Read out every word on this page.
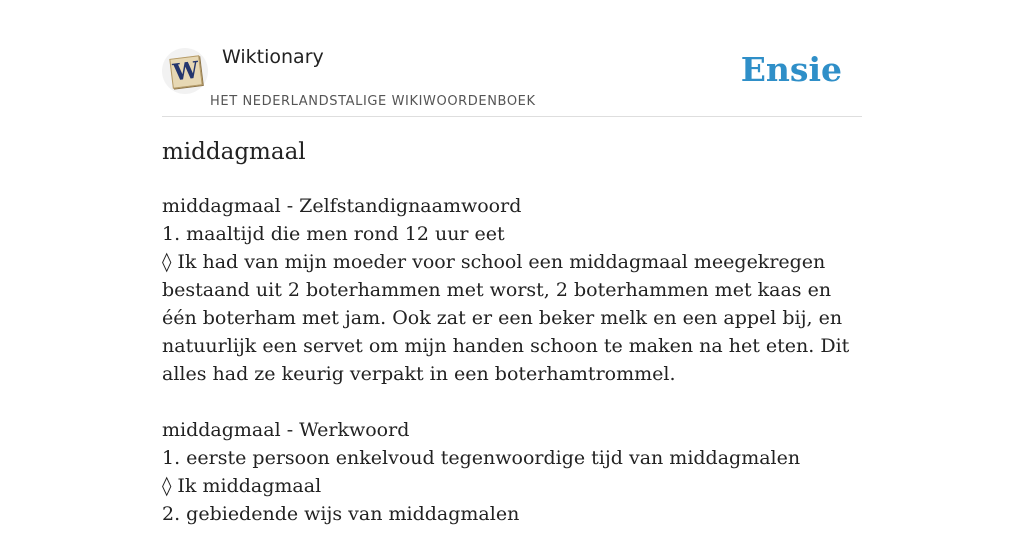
W Wiktionary
HET NEDERLANDSTALIGE WIKIWOORDENBOEK
Ensie
middagmaal
middagmaal - Zelfstandignaamwoord
1. maaltijd die men rond 12 uur eet
◊ Ik had van mijn moeder voor school een middagmaal meegekregen bestaand uit 2 boterhammen met worst, 2 boterhammen met kaas en één boterham met jam. Ook zat er een beker melk en een appel bij, en natuurlijk een servet om mijn handen schoon te maken na het eten. Dit alles had ze keurig verpakt in een boterhamtrommel.
middagmaal - Werkwoord
1. eerste persoon enkelvoud tegenwoordige tijd van middagmalen
◊ Ik middagmaal
2. gebiedende wijs van middagmalen
